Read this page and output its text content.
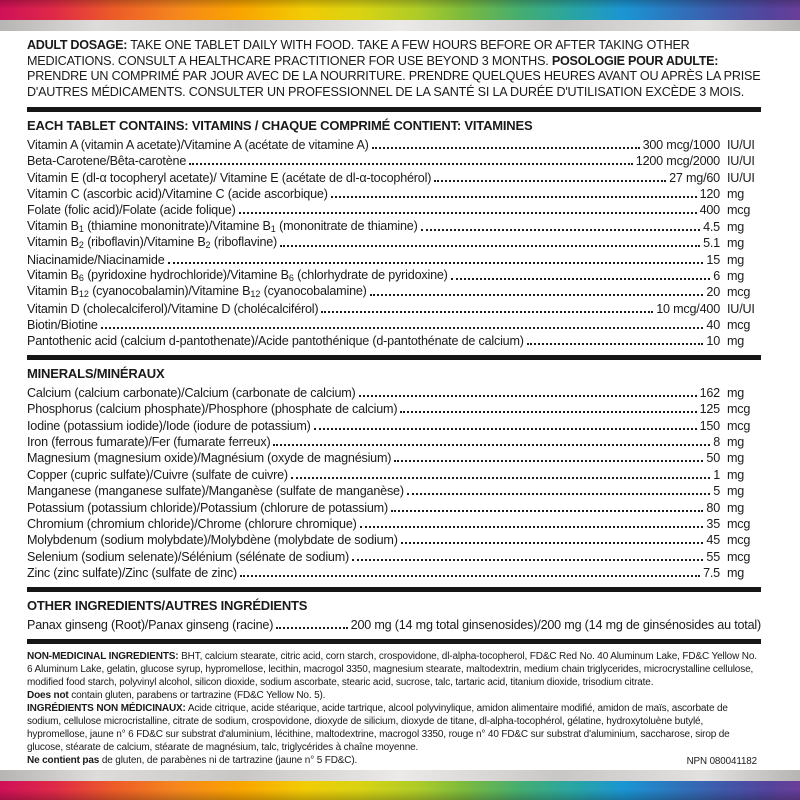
ADULT DOSAGE: TAKE ONE TABLET DAILY WITH FOOD. TAKE A FEW HOURS BEFORE OR AFTER TAKING OTHER MEDICATIONS. CONSULT A HEALTHCARE PRACTITIONER FOR USE BEYOND 3 MONTHS. POSOLOGIE POUR ADULTE: PRENDRE UN COMPRIMÉ PAR JOUR AVEC DE LA NOURRITURE. PRENDRE QUELQUES HEURES AVANT OU APRÈS LA PRISE D'AUTRES MÉDICAMENTS. CONSULTER UN PROFESSIONNEL DE LA SANTÉ SI LA DURÉE D'UTILISATION EXCÈDE 3 MOIS.
EACH TABLET CONTAINS: VITAMINS / CHAQUE COMPRIMÉ CONTIENT: VITAMINES
Vitamin A (vitamin A acetate)/Vitamine A (acétate de vitamine A)	300 mcg/1000 IU/UI
Beta-Carotene/Bêta-carotène	1200 mcg/2000 IU/UI
Vitamin E (dl-α tocopheryl acetate)/ Vitamine E (acétate de dl-α-tocophérol)	27 mg/60 IU/UI
Vitamin C (ascorbic acid)/Vitamine C (acide ascorbique)	120 mg
Folate (folic acid)/Folate (acide folique)	400 mcg
Vitamin $B_1$ (thiamine mononitrate)/Vitamine $B_1$ (mononitrate de thiamine)	4.5 mg
Vitamin $B_2$ (riboflavin)/Vitamine $B_2$ (riboflavine)	5.1 mg
Niacinamide/Niacinamide	15 mg
Vitamin $B_6$ (pyridoxine hydrochloride)/Vitamine $B_6$ (chlorhydrate de pyridoxine)	6 mg
Vitamin $B_{12}$ (cyanocobalamin)/Vitamine $B_{12}$ (cyanocobalamine)	20 mcg
Vitamin D (cholecalciferol)/Vitamine D (cholécalciférol)	10 mcg/400 IU/UI
Biotin/Biotine	40 mcg
Pantothenic acid (calcium d-pantothenate)/Acide pantothénique (d-pantothénate de calcium)	10 mg
MINERALS/MINÉRAUX
Calcium (calcium carbonate)/Calcium (carbonate de calcium)	162 mg
Phosphorus (calcium phosphate)/Phosphore (phosphate de calcium)	125 mcg
Iodine (potassium iodide)/Iode (iodure de potassium)	150 mcg
Iron (ferrous fumarate)/Fer (fumarate ferreux)	8 mg
Magnesium (magnesium oxide)/Magnésium (oxyde de magnésium)	50 mg
Copper (cupric sulfate)/Cuivre (sulfate de cuivre)	1 mg
Manganese (manganese sulfate)/Manganèse (sulfate de manganèse)	5 mg
Potassium (potassium chloride)/Potassium (chlorure de potassium)	80 mg
Chromium (chromium chloride)/Chrome (chlorure chromique)	35 mcg
Molybdenum (sodium molybdate)/Molybdène (molybdate de sodium)	45 mcg
Selenium (sodium selenate)/Sélénium (sélénate de sodium)	55 mcg
Zinc (zinc sulfate)/Zinc (sulfate de zinc)	7.5 mg
OTHER INGREDIENTS/AUTRES INGRÉDIENTS
Panax ginseng (Root)/Panax ginseng (racine)	200 mg (14 mg total ginsenosides)/200 mg (14 mg de ginsénosides au total)

NON-MEDICINAL INGREDIENTS: BHT, calcium stearate, citric acid, corn starch, crospovidone, dl-alpha-tocopherol, FD&C Red No. 40 Aluminum Lake, FD&C Yellow No. 6 Aluminum Lake, gelatin, glucose syrup, hypromellose, lecithin, macrogol 3350, magnesium stearate, maltodextrin, medium chain triglycerides, microcrystalline cellulose, modified food starch, polyvinyl alcohol, silicon dioxide, sodium ascorbate, stearic acid, sucrose, talc, tartaric acid, titanium dioxide, trisodium citrate.

Does not contain gluten, parabens or tartrazine (FD&C Yellow No. 5).

INGRÉDIENTS NON MÉDICINAUX: Acide citrique, acide stéarique, acide tartrique, alcool polyvinylique, amidon alimentaire modifié, amidon de maïs, ascorbate de sodium, cellulose microcristalline, citrate de sodium, crospovidone, dioxyde de silicium, dioxyde de titane, dl-alpha-tocophérol, gélatine, hydroxytoluène butylé, hypromellose, jaune n° 6 FD&C sur substrat d'aluminium, lécithine, maltodextrine, macrogol 3350, rouge n° 40 FD&C sur substrat d'aluminium, saccharose, sirop de glucose, stéarate de calcium, stéarate de magnésium, talc, triglycérides à chaîne moyenne.

Ne contient pas de gluten, de parabènes ni de tartrazine (jaune n° 5 FD&C).	NPN 080041182
